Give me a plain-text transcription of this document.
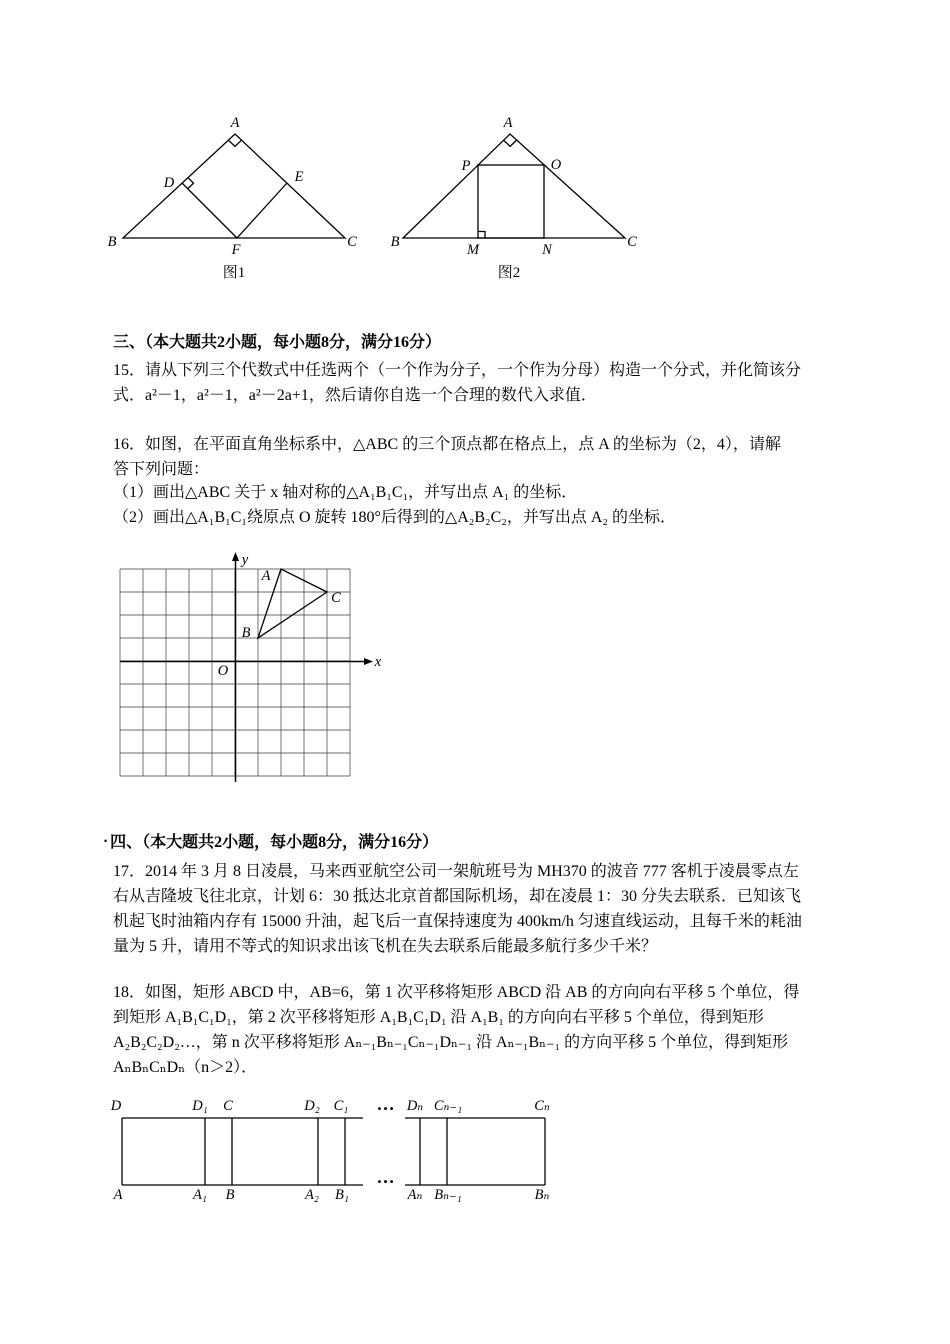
A
B	C
D	E
F
图1
A
B	C
P	O
M	N
图2
三、（本大题共2小题，每小题8分，满分16分）
15．请从下列三个代数式中任选两个（一个作为分子，一个作为分母）构造一个分式，并化简该分
式．a²－1，a²－1，a²－2a+1，然后请你自选一个合理的数代入求值．
16．如图，在平面直角坐标系中，△ABC 的三个顶点都在格点上，点 A 的坐标为（2，4），请解
答下列问题：
（1）画出△ABC 关于 x 轴对称的△A₁B₁C₁，并写出点 A₁ 的坐标．
（2）画出△A₁B₁C₁绕原点 O 旋转 180°后得到的△A₂B₂C₂，并写出点 A₂ 的坐标．
y
x
O
A
B
C
• 四、（本大题共2小题，每小题8分，满分16分）
17．2014 年 3 月 8 日凌晨，马来西亚航空公司一架航班号为 MH370 的波音 777 客机于凌晨零点左
右从吉隆坡飞往北京，计划 6：30 抵达北京首都国际机场，却在凌晨 1：30 分失去联系．已知该飞
机起飞时油箱内存有 15000 升油，起飞后一直保持速度为 400km/h 匀速直线运动，且每千米的耗油
量为 5 升，请用不等式的知识求出该飞机在失去联系后能最多航行多少千米？
18．如图，矩形 ABCD 中，AB=6，第 1 次平移将矩形 ABCD 沿 AB 的方向向右平移 5 个单位，得
到矩形 A₁B₁C₁D₁，第 2 次平移将矩形 A₁B₁C₁D₁ 沿 A₁B₁ 的方向向右平移 5 个单位，得到矩形
A₂B₂C₂D₂…，第 n 次平移将矩形 Aₙ₋₁Bₙ₋₁Cₙ₋₁Dₙ₋₁ 沿 Aₙ₋₁Bₙ₋₁ 的方向平移 5 个单位，得到矩形
AₙBₙCₙDₙ（n＞2）．
…
…
D	D₁ C	D₂ C₁	Dₙ Cₙ₋₁	Cₙ
A	A₁ B	A₂ B₁	Aₙ Bₙ₋₁	Bₙ
